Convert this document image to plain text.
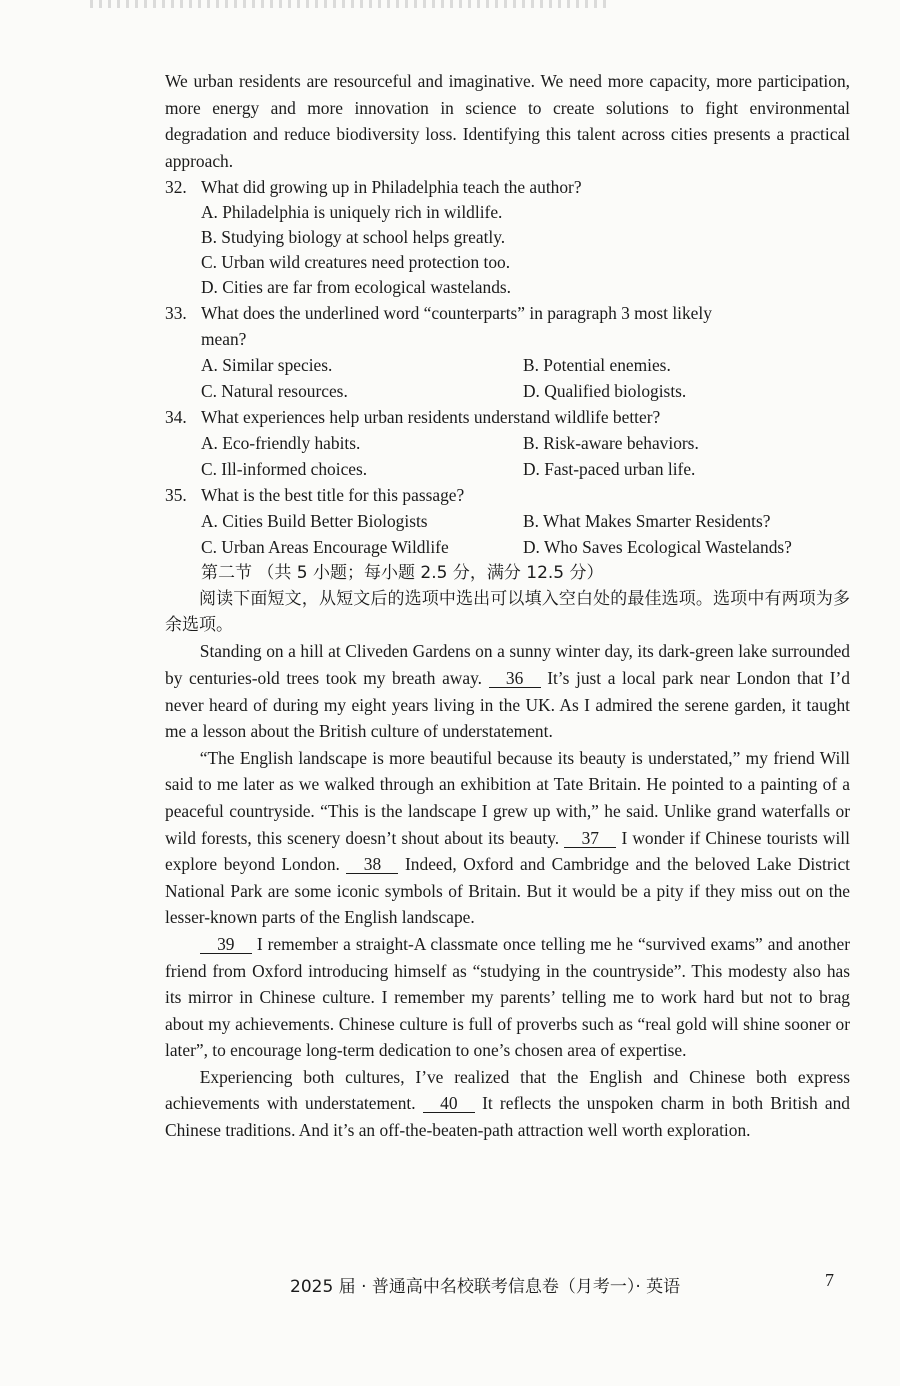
We urban residents are resourceful and imaginative. We need more capacity, more participation, more energy and more innovation in science to create solutions to fight environmental degradation and reduce biodiversity loss. Identifying this talent across cities presents a practical approach.

32. What did growing up in Philadelphia teach the author?

A. Philadelphia is uniquely rich in wildlife.
B. Studying biology at school helps greatly.
C. Urban wild creatures need protection too.
D. Cities are far from ecological wastelands.

33. What does the underlined word “counterparts” in paragraph 3 most likely

mean?
A. Similar species.	B. Potential enemies.
C. Natural resources.	D. Qualified biologists.

34. What experiences help urban residents understand wildlife better?

A. Eco-friendly habits.	B. Risk-aware behaviors.
C. Ill-informed choices.	D. Fast-paced urban life.

35. What is the best title for this passage?

A. Cities Build Better Biologists	B. What Makes Smarter Residents?
C. Urban Areas Encourage Wildlife	D. Who Saves Ecological Wastelands?

第二节 （共 5 小题；每小题 2.5 分，满分 12.5 分）

阅读下面短文，从短文后的选项中选出可以填入空白处的最佳选项。选项中有两项为多余选项。

Standing on a hill at Cliveden Gardens on a sunny winter day, its dark-green lake surrounded by centuries-old trees took my breath away. 36 It’s just a local park near London that I’d never heard of during my eight years living in the UK. As I admired the serene garden, it taught me a lesson about the British culture of understatement.

“The English landscape is more beautiful because its beauty is understated,” my friend Will said to me later as we walked through an exhibition at Tate Britain. He pointed to a painting of a peaceful countryside. “This is the landscape I grew up with,” he said. Unlike grand waterfalls or wild forests, this scenery doesn’t shout about its beauty. 37 I wonder if Chinese tourists will explore beyond London. 38 Indeed, Oxford and Cambridge and the beloved Lake District National Park are some iconic symbols of Britain. But it would be a pity if they miss out on the lesser-known parts of the English landscape.

39 I remember a straight-A classmate once telling me he “survived exams” and another friend from Oxford introducing himself as “studying in the countryside”. This modesty also has its mirror in Chinese culture. I remember my parents’ telling me to work hard but not to brag about my achievements. Chinese culture is full of proverbs such as “real gold will shine sooner or later”, to encourage long-term dedication to one’s chosen area of expertise.

Experiencing both cultures, I’ve realized that the English and Chinese both express achievements with understatement. 40 It reflects the unspoken charm in both British and Chinese traditions. And it’s an off-the-beaten-path attraction well worth exploration.

2025 届 · 普通高中名校联考信息卷（月考一）· 英语	7
